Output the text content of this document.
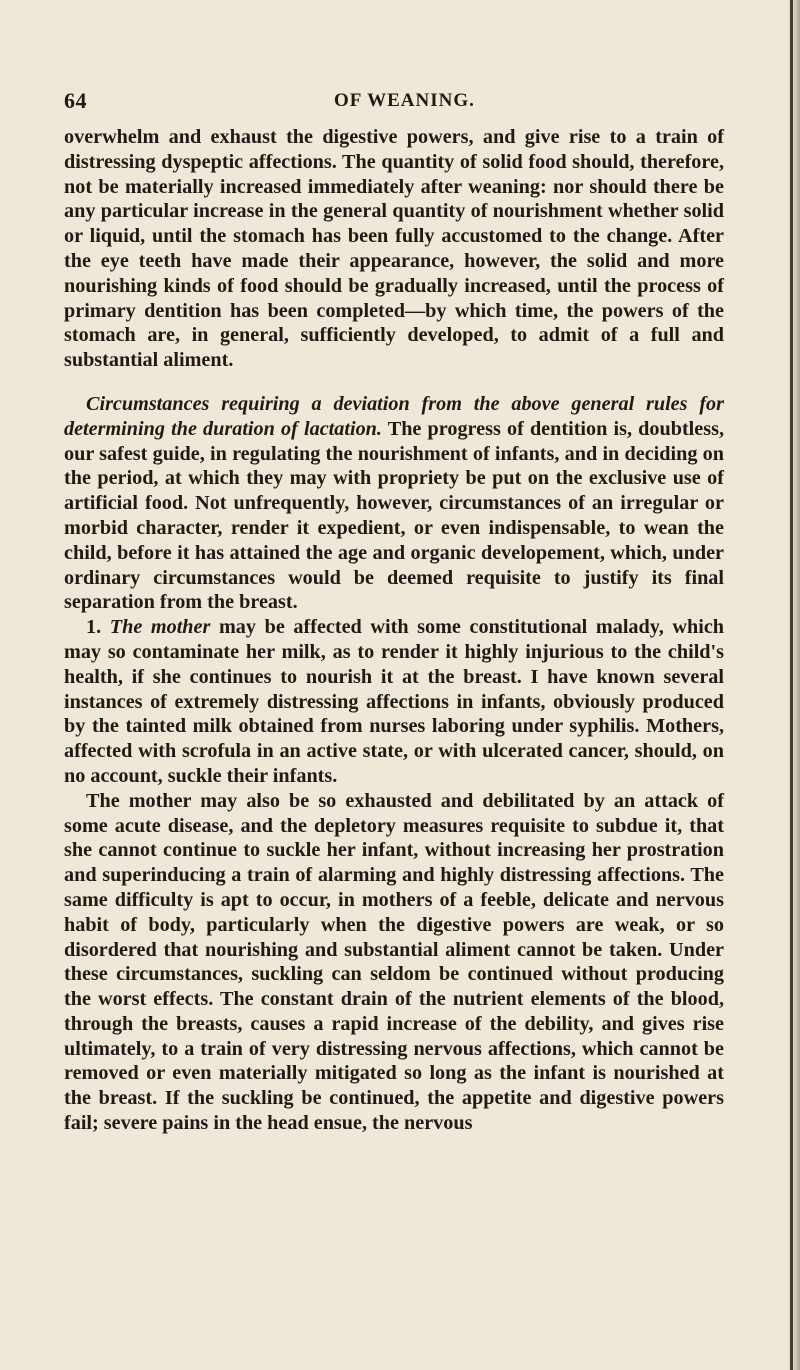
64	OF WEANING.

overwhelm and exhaust the digestive powers, and give rise to a train of distressing dyspeptic affections. The quantity of solid food should, therefore, not be materially increased immediately after weaning: nor should there be any particular increase in the general quantity of nourishment whether solid or liquid, until the stomach has been fully accustomed to the change. After the eye teeth have made their appearance, however, the solid and more nourishing kinds of food should be gradually increased, until the process of primary dentition has been completed—by which time, the powers of the stomach are, in general, sufficiently developed, to admit of a full and substantial aliment.

Circumstances requiring a deviation from the above general rules for determining the duration of lactation. The progress of dentition is, doubtless, our safest guide, in regulating the nourishment of infants, and in deciding on the period, at which they may with propriety be put on the exclusive use of artificial food. Not unfrequently, however, circumstances of an irregular or morbid character, render it expedient, or even indispensable, to wean the child, before it has attained the age and organic developement, which, under ordinary circumstances would be deemed requisite to justify its final separation from the breast.

1. The mother may be affected with some constitutional malady, which may so contaminate her milk, as to render it highly injurious to the child's health, if she continues to nourish it at the breast. I have known several instances of extremely distressing affections in infants, obviously produced by the tainted milk obtained from nurses laboring under syphilis. Mothers, affected with scrofula in an active state, or with ulcerated cancer, should, on no account, suckle their infants.

The mother may also be so exhausted and debilitated by an attack of some acute disease, and the depletory measures requisite to subdue it, that she cannot continue to suckle her infant, without increasing her prostration and superinducing a train of alarming and highly distressing affections. The same difficulty is apt to occur, in mothers of a feeble, delicate and nervous habit of body, particularly when the digestive powers are weak, or so disordered that nourishing and substantial aliment cannot be taken. Under these circumstances, suckling can seldom be continued without producing the worst effects. The constant drain of the nutrient elements of the blood, through the breasts, causes a rapid increase of the debility, and gives rise ultimately, to a train of very distressing nervous affections, which cannot be removed or even materially mitigated so long as the infant is nourished at the breast. If the suckling be continued, the appetite and digestive powers fail; severe pains in the head ensue, the nervous
